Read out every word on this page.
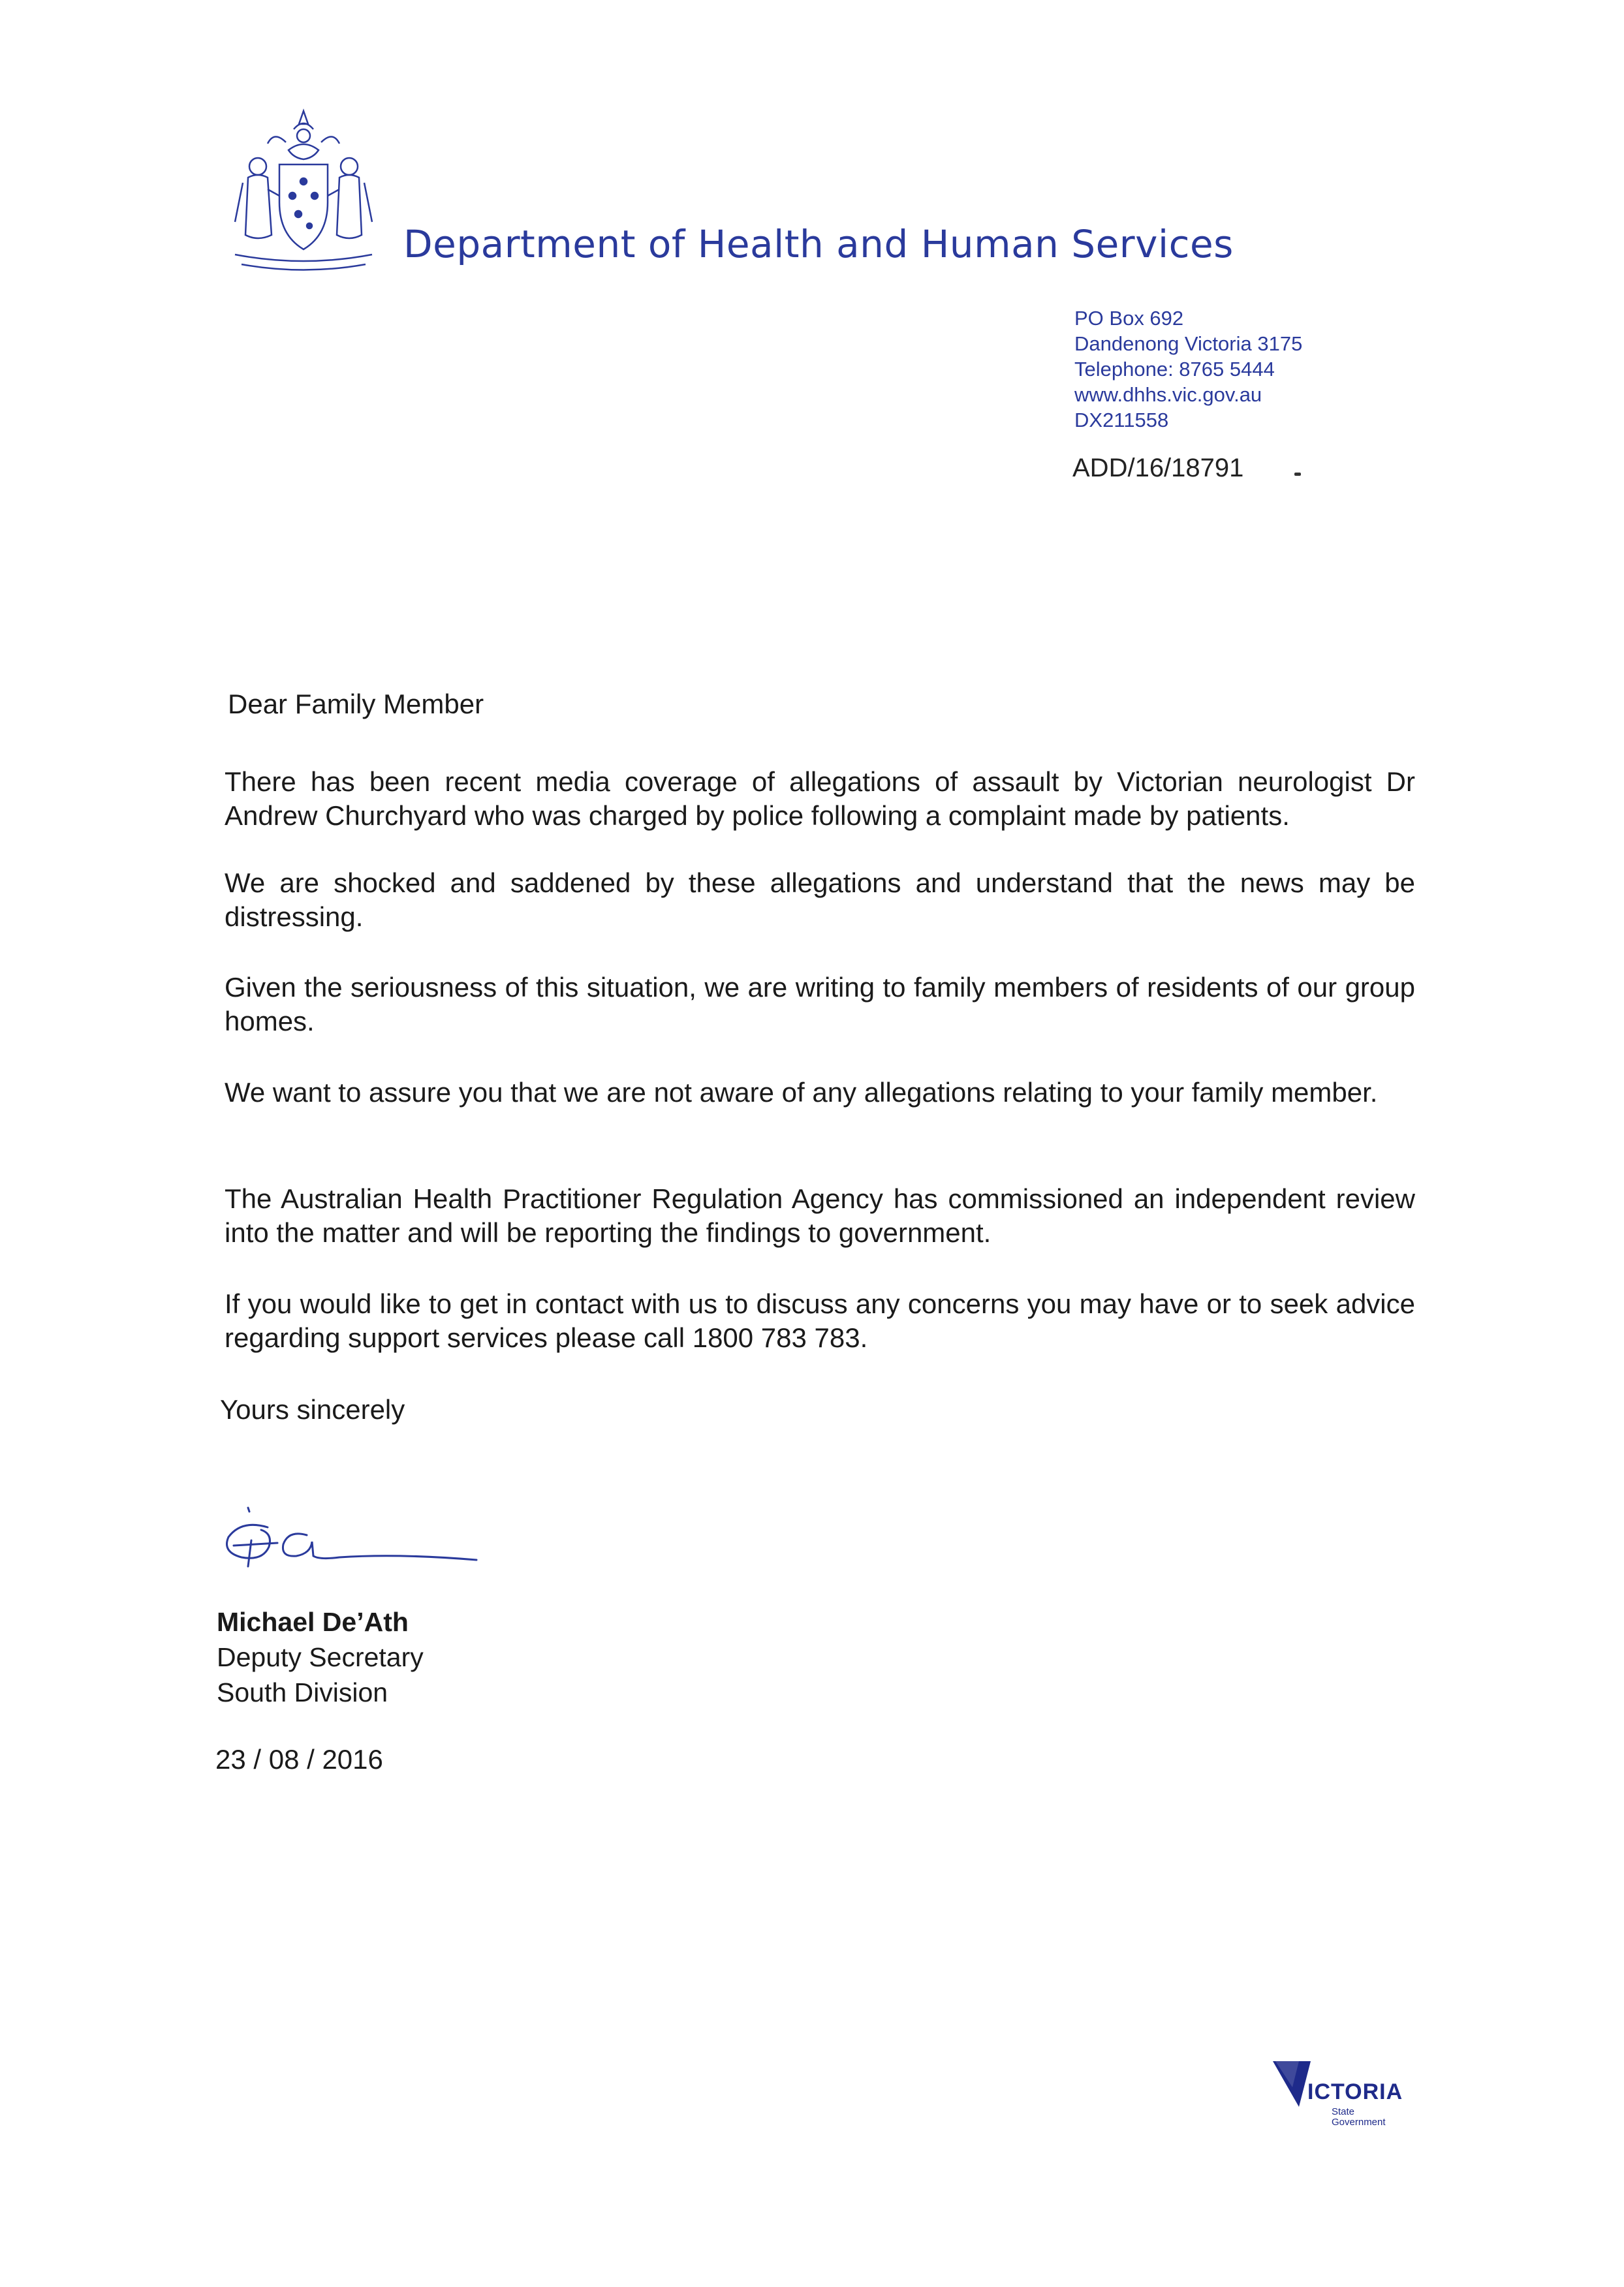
Department of Health and Human Services
PO Box 692
Dandenong Victoria 3175
Telephone: 8765 5444
www.dhhs.vic.gov.au
DX211558
ADD/16/18791
Dear Family Member
There has been recent media coverage of allegations of assault by Victorian neurologist Dr Andrew Churchyard who was charged by police following a complaint made by patients.
We are shocked and saddened by these allegations and understand that the news may be distressing.
Given the seriousness of this situation, we are writing to family members of residents of our group homes.
We want to assure you that we are not aware of any allegations relating to your family member.
The Australian Health Practitioner Regulation Agency has commissioned an independent review into the matter and will be reporting the findings to government.
If you would like to get in contact with us to discuss any concerns you may have or to seek advice regarding support services please call 1800 783 783.
Yours sincerely
Michael De’Ath
Deputy Secretary
South Division
23 / 08 / 2016
ICTORIA
State
Government
